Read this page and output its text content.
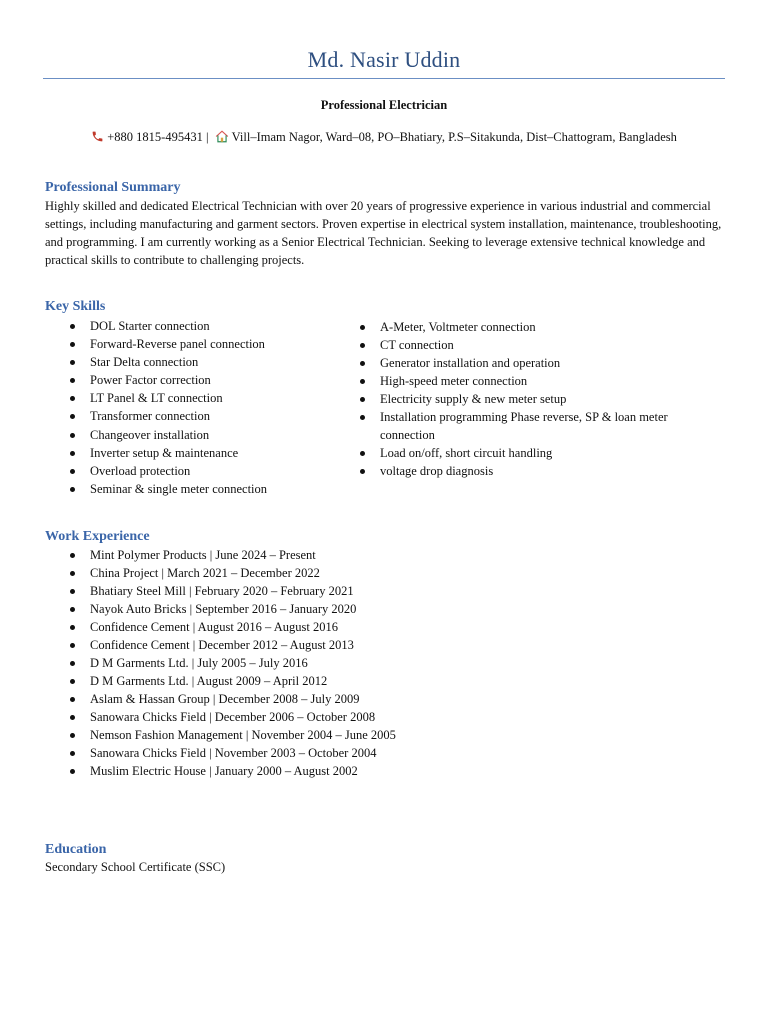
Md. Nasir Uddin
Professional Electrician
+880 1815-495431 |   Vill–Imam Nagor, Ward–08, PO–Bhatiary, P.S–Sitakunda, Dist–Chattogram, Bangladesh
Professional Summary
Highly skilled and dedicated Electrical Technician with over 20 years of progressive experience in various industrial and commercial settings, including manufacturing and garment sectors. Proven expertise in electrical system installation, maintenance, troubleshooting, and programming. I am currently working as a Senior Electrical Technician. Seeking to leverage extensive technical knowledge and practical skills to contribute to challenging projects.
Key Skills
DOL Starter connection
Forward-Reverse panel connection
Star Delta connection
Power Factor correction
LT Panel & LT connection
Transformer connection
Changeover installation
Inverter setup & maintenance
Overload protection
Seminar & single meter connection
A-Meter, Voltmeter connection
CT connection
Generator installation and operation
High-speed meter connection
Electricity supply & new meter setup
Installation programming Phase reverse, SP & loan meter connection
Load on/off, short circuit handling
voltage drop diagnosis
Work Experience
Mint Polymer Products | June 2024 – Present
China Project | March 2021 – December 2022
Bhatiary Steel Mill | February 2020 – February 2021
Nayok Auto Bricks | September 2016 – January 2020
Confidence Cement | August 2016 – August 2016
Confidence Cement | December 2012 – August 2013
D M Garments Ltd. | July 2005 – July 2016
D M Garments Ltd. | August 2009 – April 2012
Aslam & Hassan Group | December 2008 – July 2009
Sanowara Chicks Field | December 2006 – October 2008
Nemson Fashion Management | November 2004 – June 2005
Sanowara Chicks Field | November 2003 – October 2004
Muslim Electric House | January 2000 – August 2002
Education
Secondary School Certificate (SSC)
